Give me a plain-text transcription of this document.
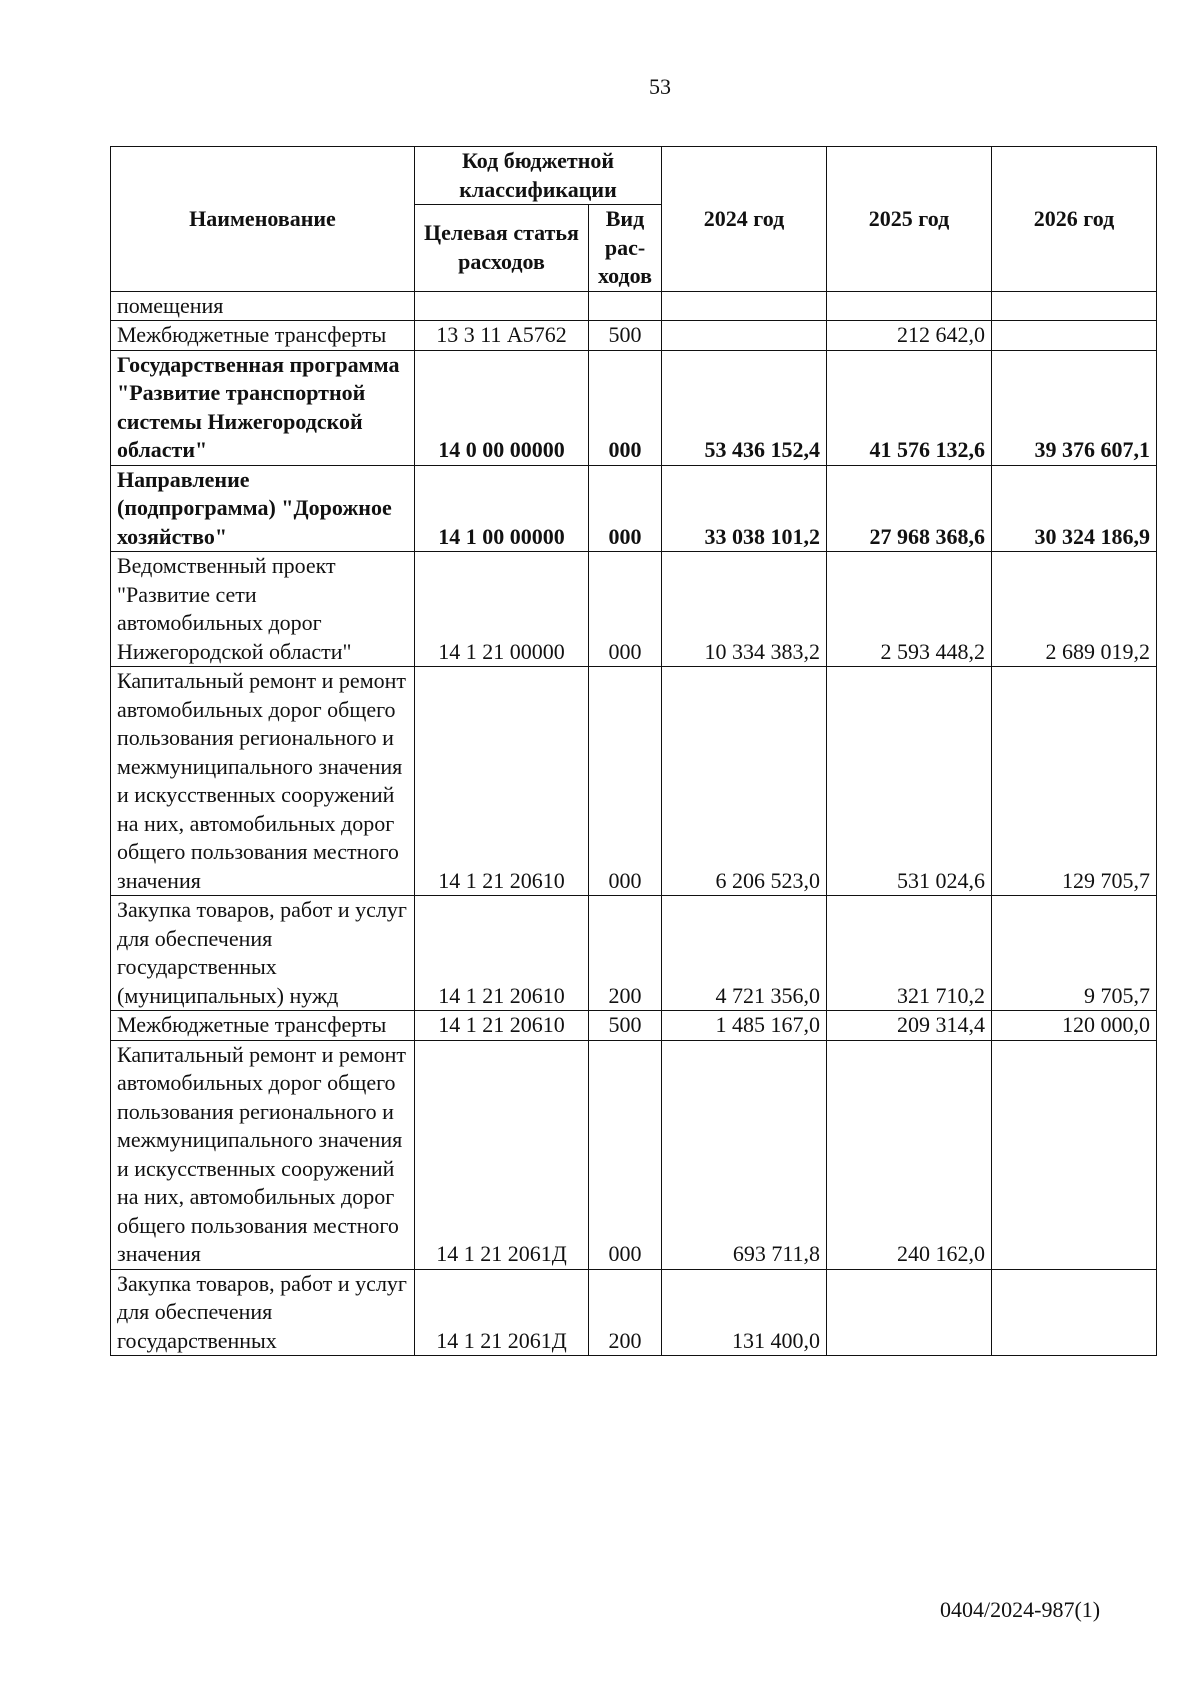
53
Наименование	Код бюджетной классификации		2024 год	2025 год	2026 год
	Целевая статья расходов	Вид рас-ходов			
помещения					
Межбюджетные трансферты	13 3 11 А5762	500		212 642,0	
Государственная программа "Развитие транспортной системы Нижегородской области"	14 0 00 00000	000	53 436 152,4	41 576 132,6	39 376 607,1
Направление (подпрограмма) "Дорожное хозяйство"	14 1 00 00000	000	33 038 101,2	27 968 368,6	30 324 186,9
Ведомственный проект "Развитие сети автомобильных дорог Нижегородской области"	14 1 21 00000	000	10 334 383,2	2 593 448,2	2 689 019,2
Капитальный ремонт и ремонт автомобильных дорог общего пользования регионального и межмуниципального значения и искусственных сооружений на них, автомобильных дорог общего пользования местного значения	14 1 21 20610	000	6 206 523,0	531 024,6	129 705,7
Закупка товаров, работ и услуг для обеспечения государственных (муниципальных) нужд	14 1 21 20610	200	4 721 356,0	321 710,2	9 705,7
Межбюджетные трансферты	14 1 21 20610	500	1 485 167,0	209 314,4	120 000,0
Капитальный ремонт и ремонт автомобильных дорог общего пользования регионального и межмуниципального значения и искусственных сооружений на них, автомобильных дорог общего пользования местного значения	14 1 21 2061Д	000	693 711,8	240 162,0	
Закупка товаров, работ и услуг для обеспечения государственных	14 1 21 2061Д	200	131 400,0		
0404/2024-987(1)
